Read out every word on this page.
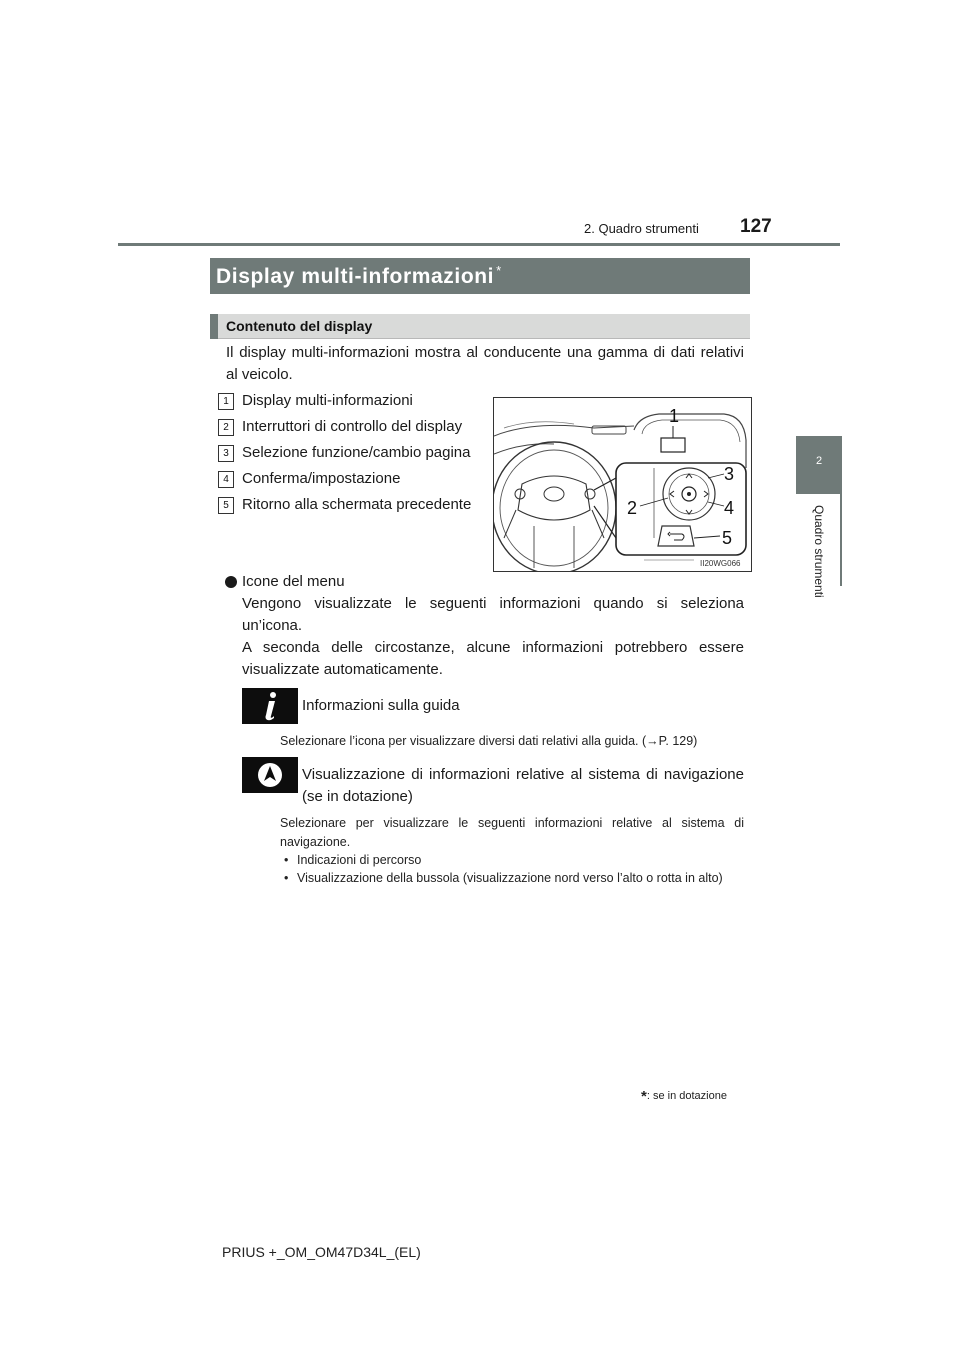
2. Quadro strumenti 127
2
Quadro strumenti
Display multi-informazioni *
Contenuto del display
Il display multi-informazioni mostra al conducente una gamma di dati relativi al veicolo.
1 Display multi-informazioni
2 Interruttori di controllo del display
3 Selezione funzione/cambio pagina
4 Conferma/impostazione
5 Ritorno alla schermata precedente
1
2
3
4
5
II20WG066
Icone del menu
Vengono visualizzate le seguenti informazioni quando si seleziona un’icona.
A seconda delle circostanze, alcune informazioni potrebbero essere visualizzate automaticamente.
Informazioni sulla guida
Selezionare l’icona per visualizzare diversi dati relativi alla guida. (→P. 129)
Visualizzazione di informazioni relative al sistema di navigazione (se in dotazione)
Selezionare per visualizzare le seguenti informazioni relative al sistema di navigazione.
• Indicazioni di percorso
• Visualizzazione della bussola (visualizzazione nord verso l’alto o rotta in alto)
*: se in dotazione
PRIUS +_OM_OM47D34L_(EL)
